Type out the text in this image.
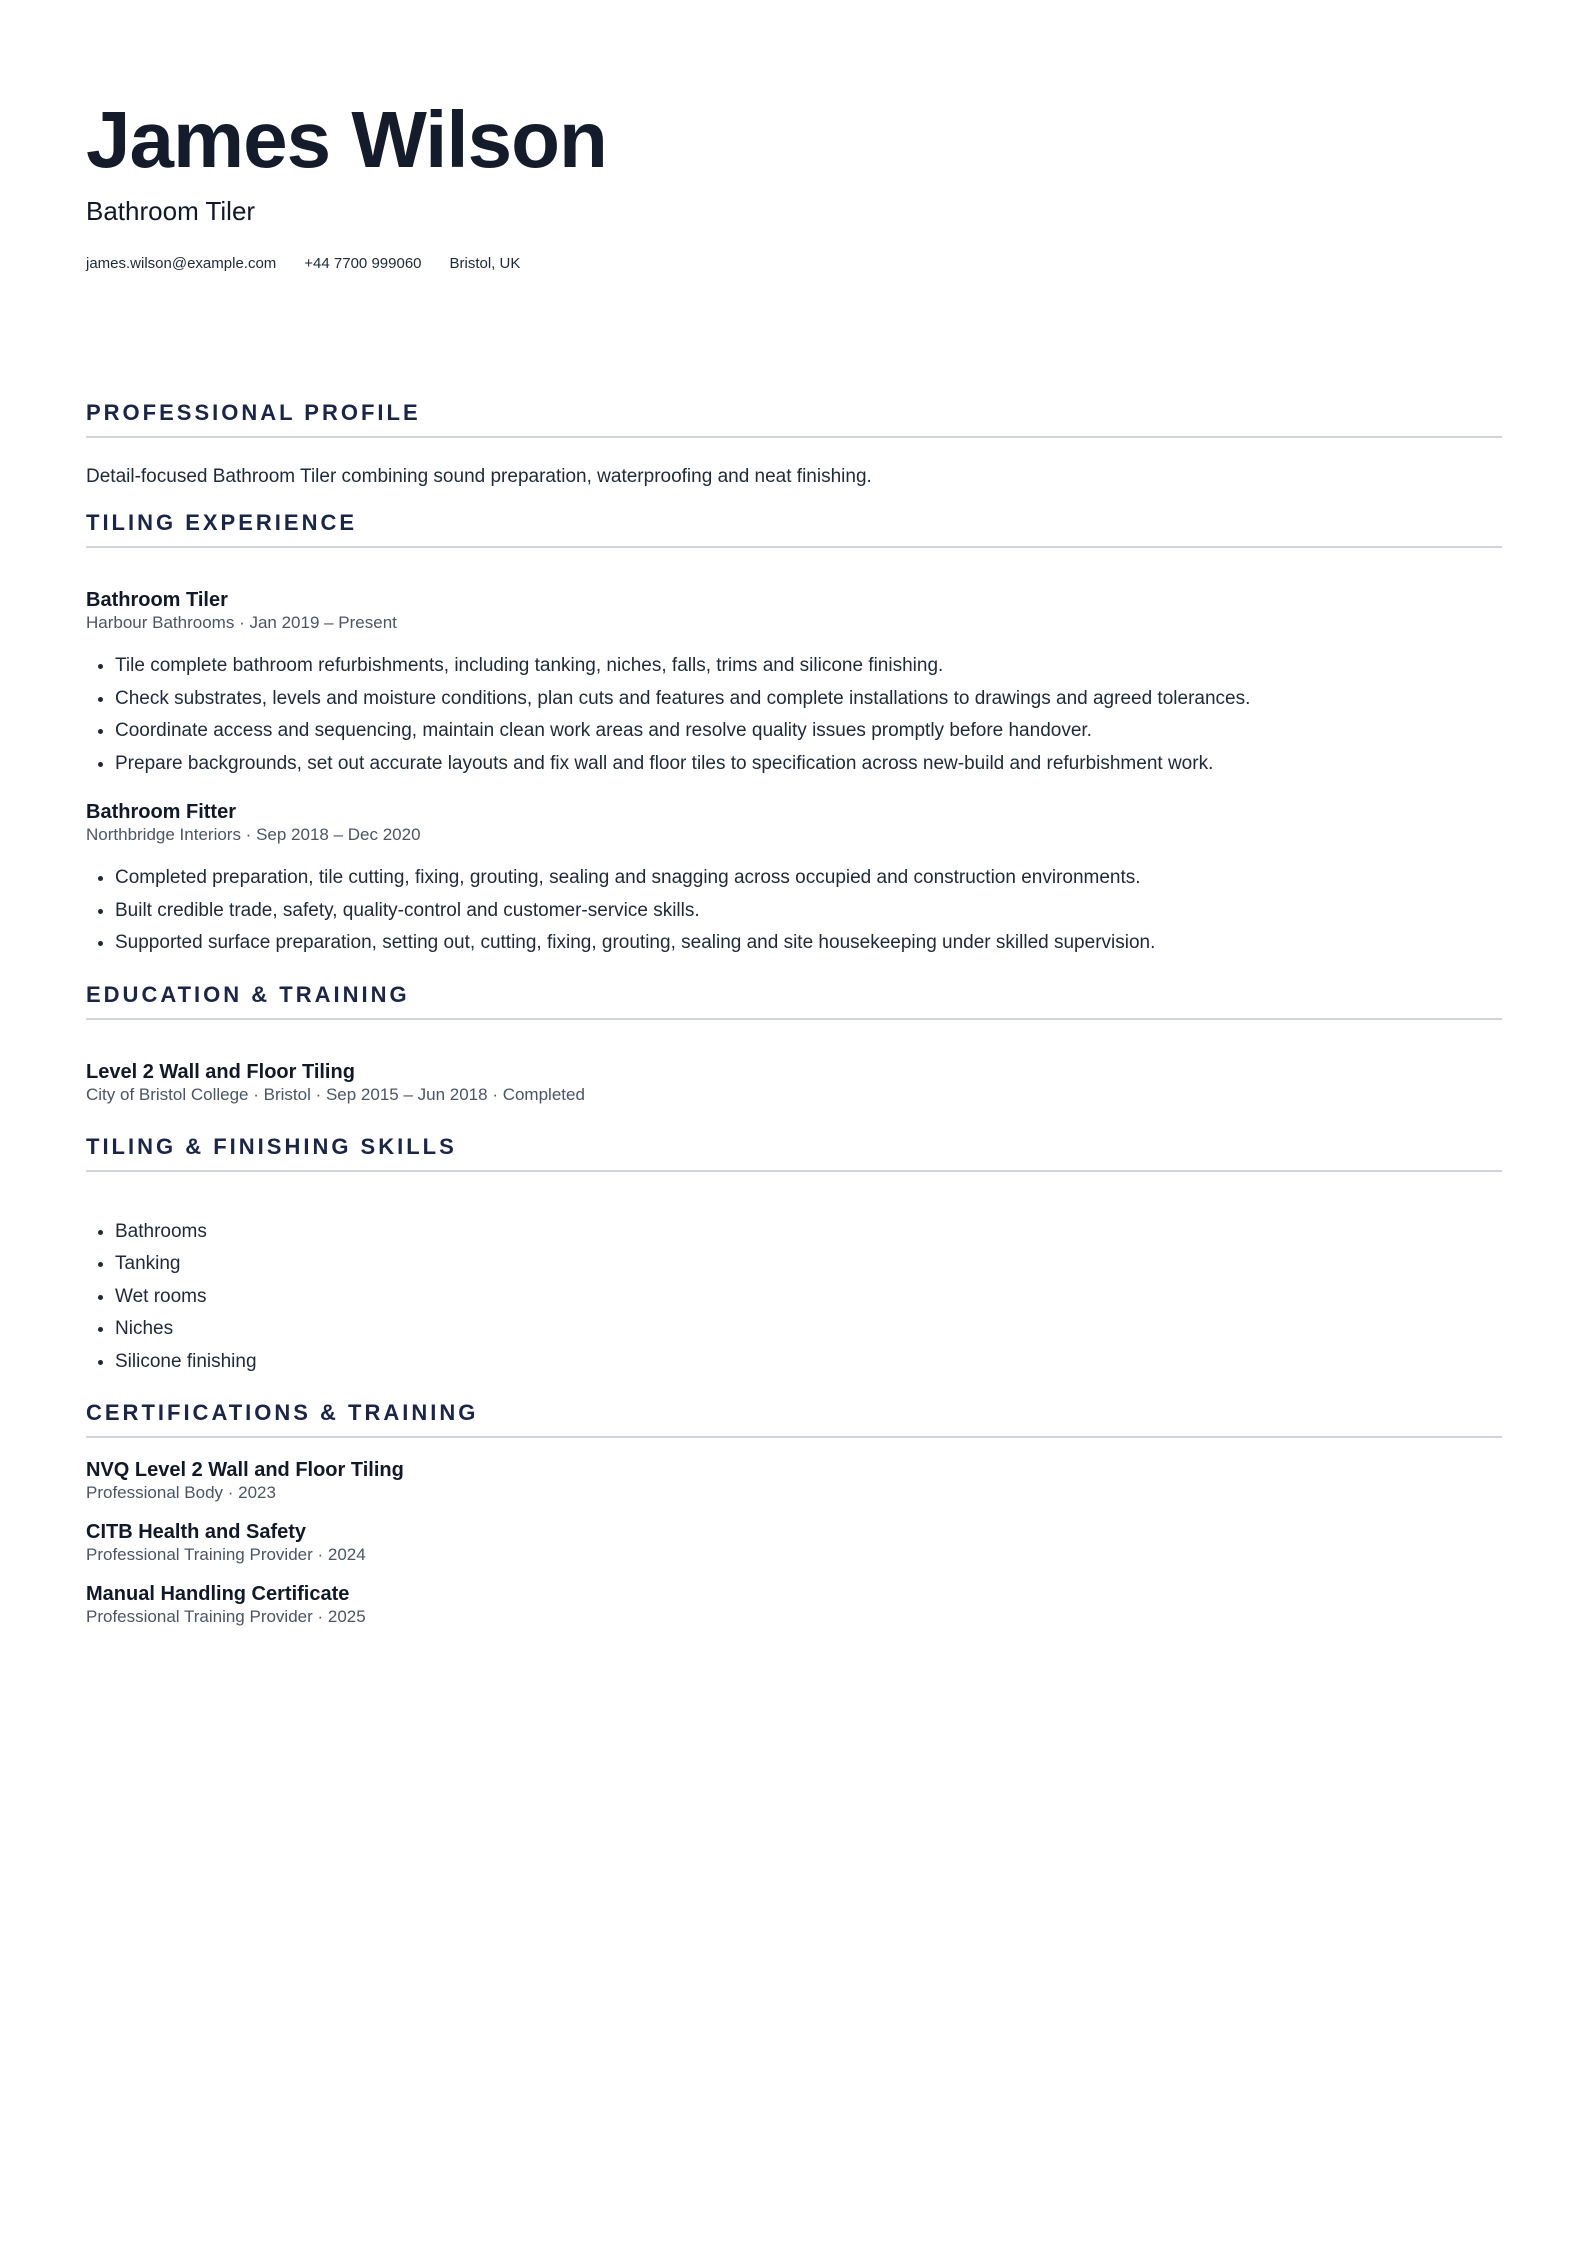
James Wilson

Bathroom Tiler

james.wilson@example.com +44 7700 999060 Bristol, UK
PROFESSIONAL PROFILE

Detail-focused Bathroom Tiler combining sound preparation, waterproofing and neat finishing.

TILING EXPERIENCE

Bathroom Tiler

Harbour Bathrooms · Jan 2019 – Present

• Tile complete bathroom refurbishments, including tanking, niches, falls, trims and silicone finishing.
• Check substrates, levels and moisture conditions, plan cuts and features and complete installations to drawings and agreed tolerances.
• Coordinate access and sequencing, maintain clean work areas and resolve quality issues promptly before handover.
• Prepare backgrounds, set out accurate layouts and fix wall and floor tiles to specification across new-build and refurbishment work.

Bathroom Fitter

Northbridge Interiors · Sep 2018 – Dec 2020

• Completed preparation, tile cutting, fixing, grouting, sealing and snagging across occupied and construction environments.
• Built credible trade, safety, quality-control and customer-service skills.
• Supported surface preparation, setting out, cutting, fixing, grouting, sealing and site housekeeping under skilled supervision.
EDUCATION & TRAINING

Level 2 Wall and Floor Tiling

City of Bristol College · Bristol · Sep 2015 – Jun 2018 · Completed

TILING & FINISHING SKILLS
• Bathrooms
• Tanking
• Wet rooms
• Niches
• Silicone finishing
CERTIFICATIONS & TRAINING

NVQ Level 2 Wall and Floor Tiling

Professional Body · 2023

CITB Health and Safety

Professional Training Provider · 2024

Manual Handling Certificate

Professional Training Provider · 2025
